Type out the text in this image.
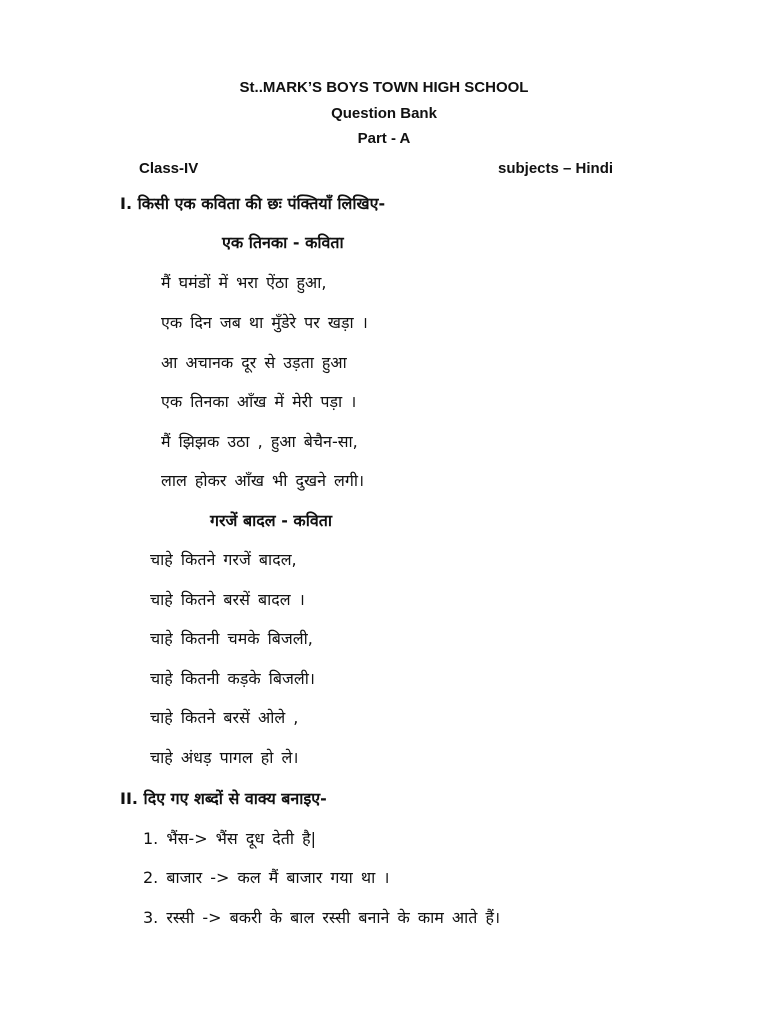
St..MARK’S BOYS TOWN HIGH SCHOOL
Question Bank
Part - A
Class-IV	subjects – Hindi
I. किसी एक कविता की छः पंक्तियाँ लिखिए-
एक तिनका - कविता
मैं घमंडों में भरा ऐंठा हुआ,
एक दिन जब था मुँडेरे पर खड़ा ।
आ अचानक दूर से उड़ता हुआ
एक तिनका आँख में मेरी पड़ा ।
मैं झिझक उठा , हुआ बेचैन-सा,
लाल होकर आँख भी दुखने लगी।
गरजें बादल - कविता
चाहे कितने गरजें बादल,
चाहे कितने बरसें बादल ।
चाहे कितनी चमके बिजली,
चाहे कितनी कड़के बिजली।
चाहे कितने बरसें ओले ,
चाहे अंधड़ पागल हो ले।
II. दिए गए शब्दों से वाक्य बनाइए-
1. भैंस-> भैंस दूध देती है|
2. बाजार -> कल मैं बाजार गया था ।
3. रस्सी -> बकरी के बाल रस्सी बनाने के काम आते हैं।
